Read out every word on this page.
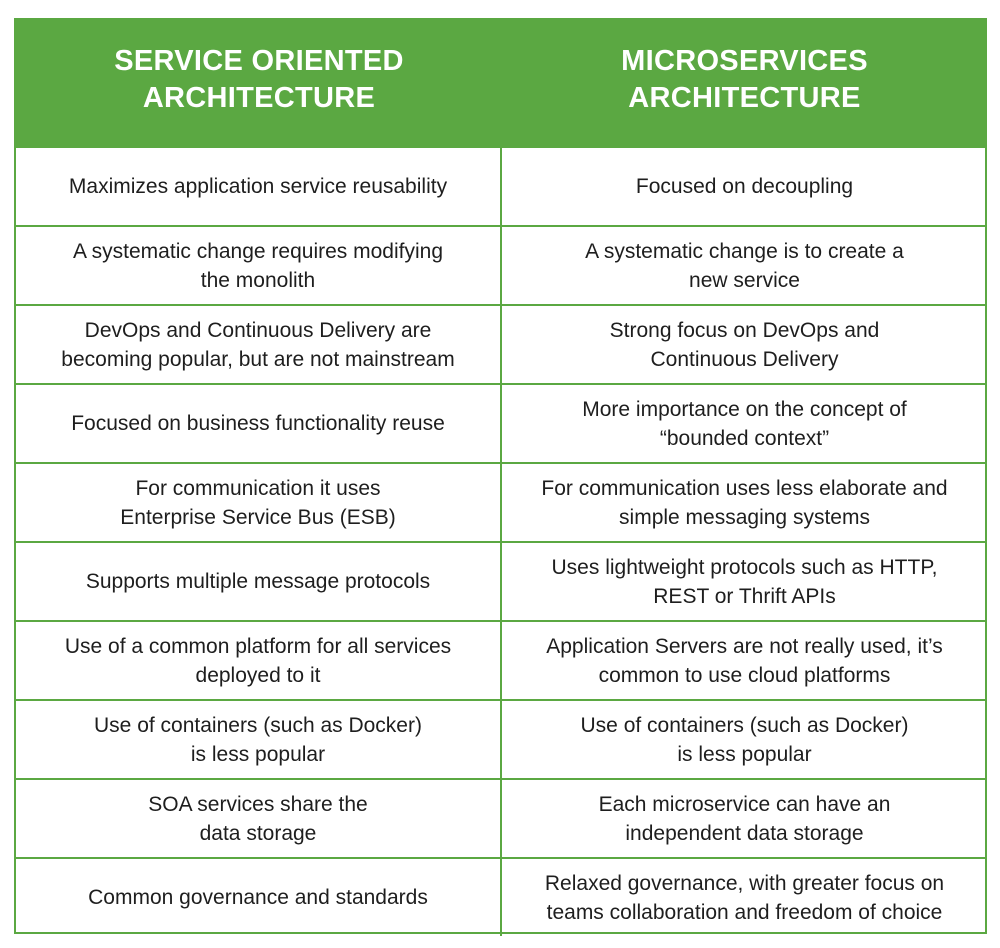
SERVICE ORIENTED
ARCHITECTURE
MICROSERVICES
ARCHITECTURE
Maximizes application service reusability	Focused on decoupling
A systematic change requires modifying
the monolith
A systematic change is to create a
new service
DevOps and Continuous Delivery are
becoming popular, but are not mainstream
Strong focus on DevOps and
Continuous Delivery
Focused on business functionality reuse
More importance on the concept of
“bounded context”
For communication it uses
Enterprise Service Bus (ESB)
For communication uses less elaborate and
simple messaging systems
Supports multiple message protocols
Uses lightweight protocols such as HTTP,
REST or Thrift APIs
Use of a common platform for all services
deployed to it
Application Servers are not really used, it’s
common to use cloud platforms
Use of containers (such as Docker)
is less popular
Use of containers (such as Docker)
is less popular
SOA services share the
data storage
Each microservice can have an
independent data storage
Common governance and standards
Relaxed governance, with greater focus on
teams collaboration and freedom of choice
